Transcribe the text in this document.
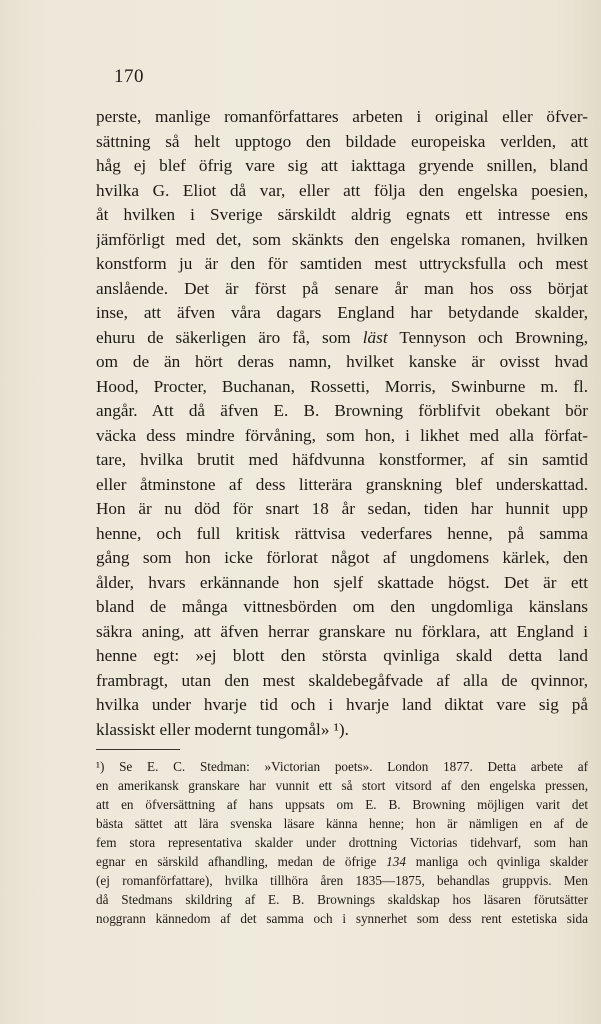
170
perste, manlige romanförfattares arbeten i original eller öfver-
sättning så helt upptogo den bildade europeiska verlden, att
håg ej blef öfrig vare sig att iakttaga gryende snillen, bland
hvilka G. Eliot då var, eller att följa den engelska poesien,
åt hvilken i Sverige särskildt aldrig egnats ett intresse ens
jämförligt med det, som skänkts den engelska romanen, hvilken
konstform ju är den för samtiden mest uttrycksfulla och mest
anslående. Det är först på senare år man hos oss börjat
inse, att äfven våra dagars England har betydande skalder,
ehuru de säkerligen äro få, som läst Tennyson och Browning,
om de än hört deras namn, hvilket kanske är ovisst hvad
Hood, Procter, Buchanan, Rossetti, Morris, Swinburne m. fl.
angår. Att då äfven E. B. Browning förblifvit obekant bör
väcka dess mindre förvåning, som hon, i likhet med alla förfat-
tare, hvilka brutit med häfdvunna konstformer, af sin samtid
eller åtminstone af dess litterära granskning blef underskattad.
Hon är nu död för snart 18 år sedan, tiden har hunnit upp
henne, och full kritisk rättvisa vederfares henne, på samma
gång som hon icke förlorat något af ungdomens kärlek, den
ålder, hvars erkännande hon sjelf skattade högst. Det är ett
bland de många vittnesbörden om den ungdomliga känslans
säkra aning, att äfven herrar granskare nu förklara, att England i
henne egt: »ej blott den största qvinliga skald detta land
frambragt, utan den mest skaldebegåfvade af alla de qvinnor,
hvilka under hvarje tid och i hvarje land diktat vare sig på
klassiskt eller modernt tungomål» ¹).
¹) Se E. C. Stedman: »Victorian poets». London 1877. Detta arbete af
en amerikansk granskare har vunnit ett så stort vitsord af den engelska pressen,
att en öfversättning af hans uppsats om E. B. Browning möjligen varit det
bästa sättet att lära svenska läsare känna henne; hon är nämligen en af de
fem stora representativa skalder under drottning Victorias tidehvarf, som han
egnar en särskild afhandling, medan de öfrige 134 manliga och qvinliga skalder
(ej romanförfattare), hvilka tillhöra åren 1835—1875, behandlas gruppvis. Men
då Stedmans skildring af E. B. Brownings skaldskap hos läsaren förutsätter
noggrann kännedom af det samma och i synnerhet som dess rent estetiska sida
